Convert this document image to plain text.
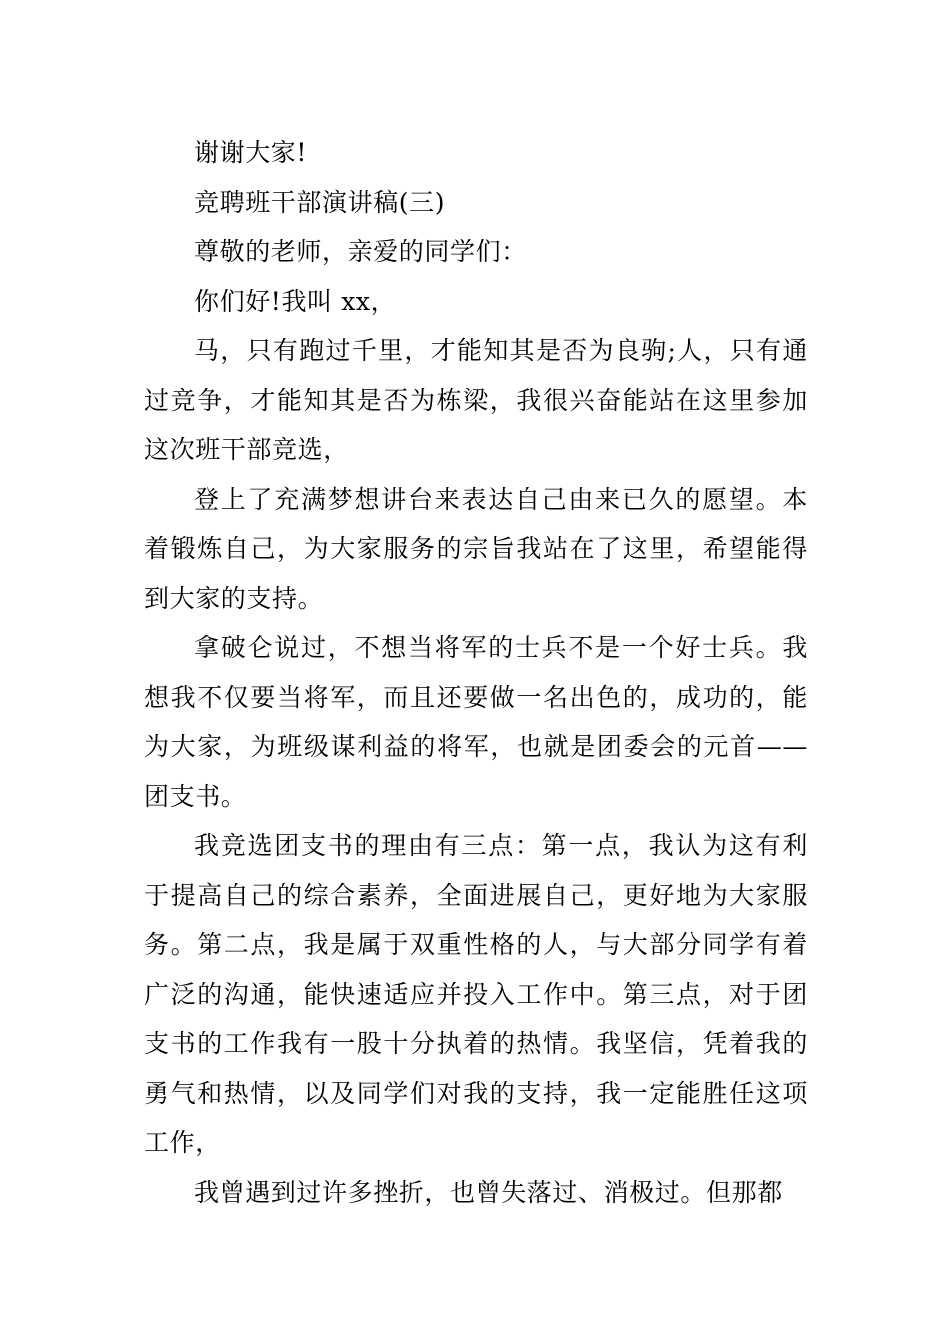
谢谢大家!

竞聘班干部演讲稿(三)

尊敬的老师，亲爱的同学们：

你们好!我叫 xx，

马，只有跑过千里，才能知其是否为良驹;人，只有通过竞争，才能知其是否为栋梁，我很兴奋能站在这里参加这次班干部竞选，

登上了充满梦想讲台来表达自己由来已久的愿望。本着锻炼自己，为大家服务的宗旨我站在了这里，希望能得到大家的支持。

拿破仑说过，不想当将军的士兵不是一个好士兵。我想我不仅要当将军，而且还要做一名出色的，成功的，能为大家，为班级谋利益的将军，也就是团委会的元首——团支书。

我竞选团支书的理由有三点：第一点，我认为这有利于提高自己的综合素养，全面进展自己，更好地为大家服务。第二点，我是属于双重性格的人，与大部分同学有着广泛的沟通，能快速适应并投入工作中。第三点，对于团支书的工作我有一股十分执着的热情。我坚信，凭着我的勇气和热情，以及同学们对我的支持，我一定能胜任这项工作，

我曾遇到过许多挫折，也曾失落过、消极过。但那都
